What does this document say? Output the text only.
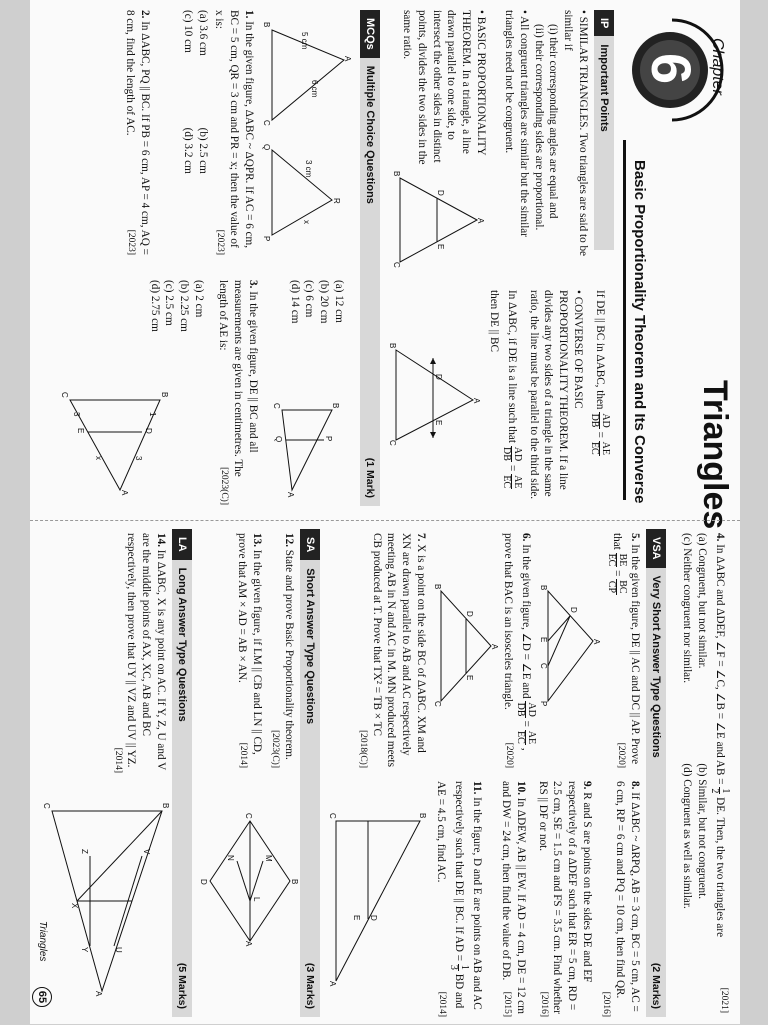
Chapter
6
Basic Proportionality Theorem and Its Converse
IP
Important Points
• SIMILAR TRIANGLES. Two triangles are said to be similar if
(i) their corresponding angles are equal and
(ii) their corresponding sides are proportional.
• All congruent triangles are similar but the similar triangles need not be congruent.
• BASIC PROPORTIONALITY THEOREM. In a triangle, a line drawn parallel to one side, to intersect the other sides in distinct points, divides the two sides in the same ratio.
A
B
C
D
E
If DE || BC in ΔABC, then
AD
DB
=
AE
EC
• CONVERSE OF BASIC PROPORTIONALITY THEOREM. If a line divides any two sides of a triangle in the same ratio, the line must be parallel to the third side.
In ΔABC, if DE is a line such that
AD
DB
=
AE
EC
then DE || BC
A
B
C
D
E
MCQs
Multiple Choice Questions
(1 Mark)
B
A
C
6 cm
5 cm
Q
R
P
3 cm
x
1. In the given figure, ΔABC ~ ΔQPR. If AC = 6 cm, BC = 5 cm, QR = 3 cm and PR = x; then the value of x is:
[2023]
(a) 3.6 cm(b) 2.5 cm (c) 10 cm(d) 3.2 cm
2. In ΔABC, PQ || BC. If PB = 6 cm, AP = 4 cm, AQ = 8 cm, find the length of AC.
[2023]
(a) 12 cm
(b) 20 cm
(c) 6 cm
(d) 14 cm
B
C
A
P
Q
3. In the given figure, DE || BC and all measurements are given in centimetres. The length of AE is:
[2023(C)]
(a) 2 cm
(b) 2.25 cm
(c) 2.5 cm
(d) 2.75 cm
B
C
A
D
E
3
x
1
3	Triangles
4. In ΔABC and ΔDEF, ∠F = ∠C, ∠B = ∠E and AB =
1
2
DE. Then, the two triangles are
[2021]
(a) Congruent, but not similar.(b) Similar, but not congruent. (c) Neither congruent nor similar.(d) Congruent as well as similar.
VSA
Very Short Answer Type Questions
(2 Marks)
5. In the given figure, DE || AC and DC || AP. Prove that
BE
EC
=
BC
CP
[2020]
A
D
B
E
C
P
6. In the given figure, ∠D = ∠E and
AD
DB
=
AE
EC
, prove that BAC is an isosceles triangle.
[2020]
A
D
E
B
C
7. X is a point on the side BC of ΔABC. XM and XN are drawn parallel to AB and AC respectively meeting AB in N and AC in M. MN produced meets CB produced at T. Prove that TX² = TB × TC
[2018(C)]
8. If ΔABC ~ ΔRPQ, AB = 3 cm, BC = 5 cm, AC = 6 cm, RP = 6 cm and PQ = 10 cm, then find QR.
[2016]
9. R and S are points on the sides DE and EF respectively of a ΔDEF such that ER = 5 cm, RD = 2.5 cm, SE = 1.5 cm and FS = 3.5 cm. Find whether RS || DF or not.
[2016]
10. In ΔDEW, AB || EW. If AD = 4 cm, DE = 12 cm and DW = 24 cm, then find the value of DB.
[2015]
11. In the figure, D and E are points on AB and AC respectively such that DE || BC. If AD =
1
3
BD and AE = 4.5 cm, find AC.
[2014]
B
C
A
D
E
SA
Short Answer Type Questions
(3 Marks)
12. State and prove Basic Proportionality theorem.
[2023(C)]
13. In the given figure, if LM || CB and LN || CD, prove that AM × AD = AB × AN.
[2014]
A
C
B
D
L
M
N
LA
Long Answer Type Questions
(5 Marks)
14. In ΔABC, X is any point on AC. If Y, Z, U and V are the middle points of AX, XC, AB and BC respectively, then prove that UY || VZ and UV || YZ.
[2014]
B
C
A
U
V
X
Y
Z
Triangles
65
